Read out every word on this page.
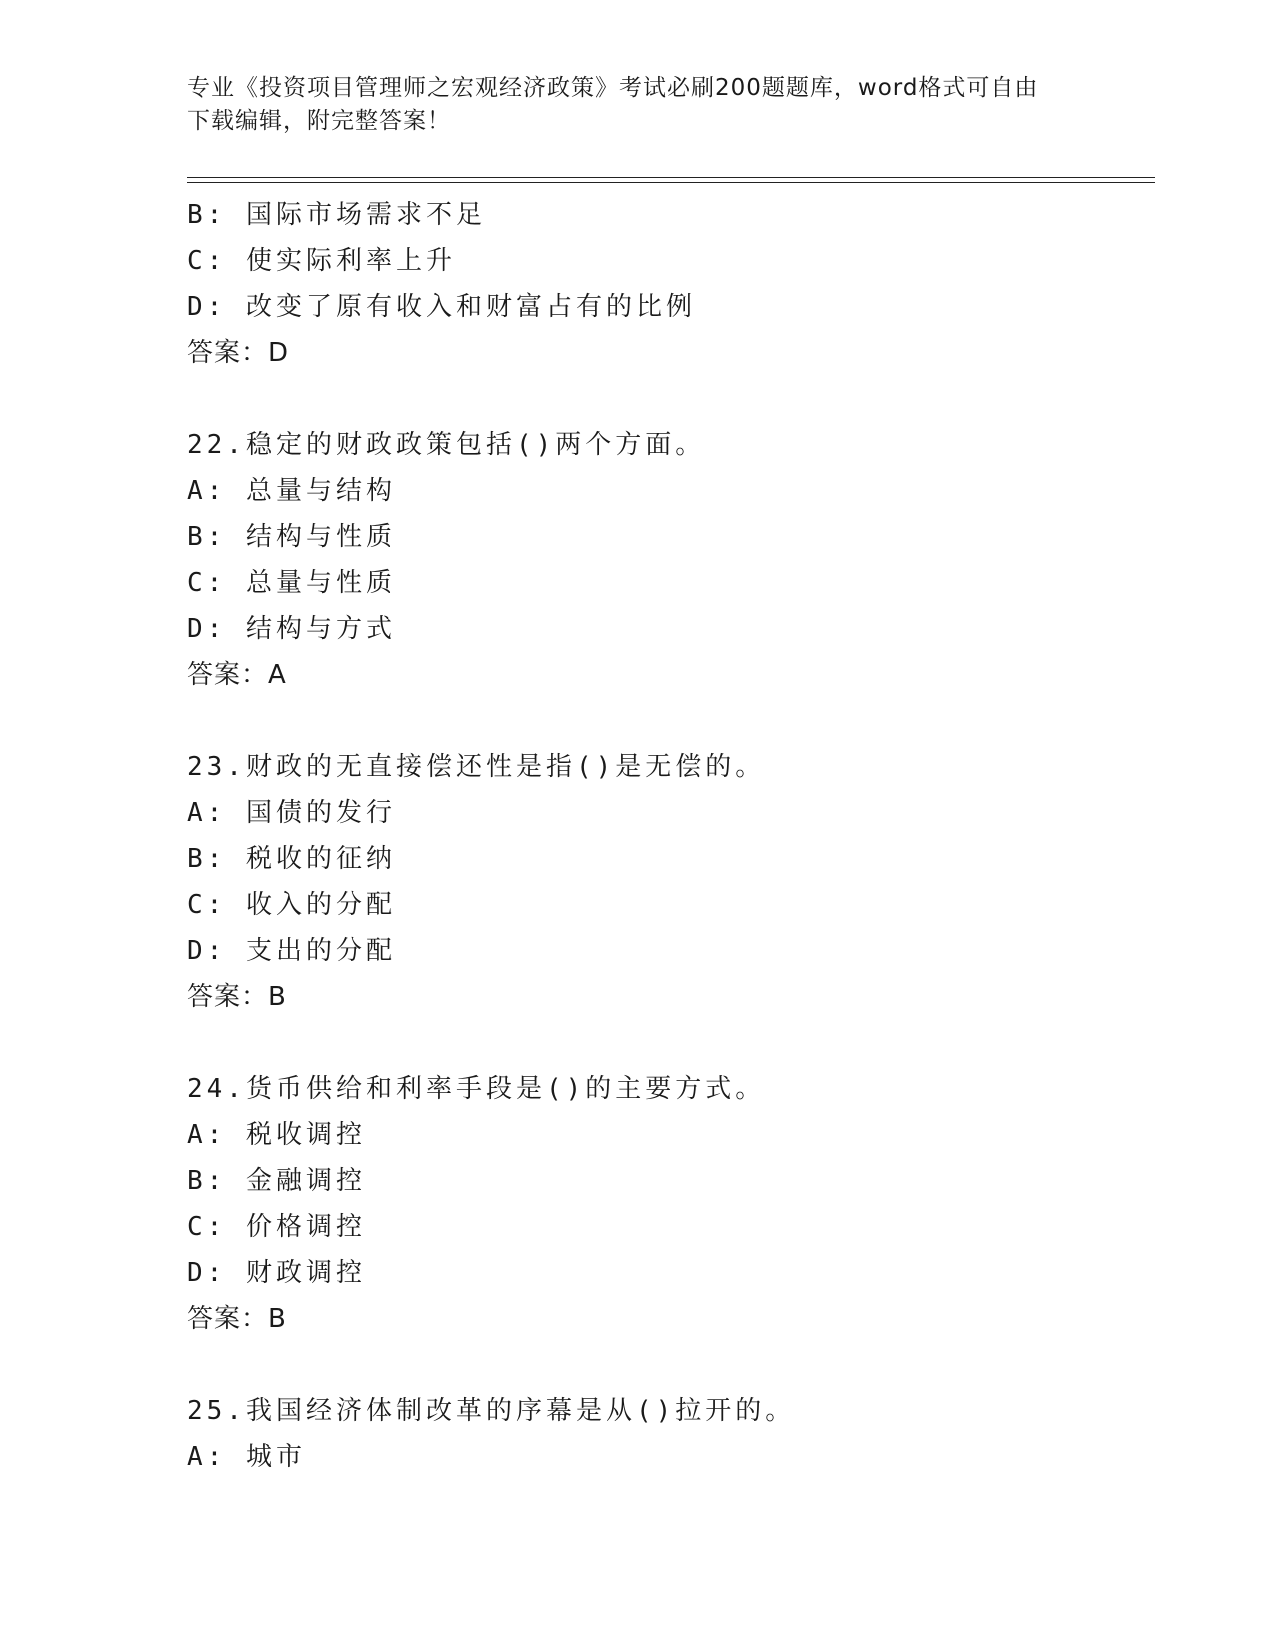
专业《投资项目管理师之宏观经济政策》考试必刷200题题库，word格式可自由
下载编辑，附完整答案！
B: 国际市场需求不足
C: 使实际利率上升
D: 改变了原有收入和财富占有的比例
答案：D
22.稳定的财政政策包括()两个方面。
A: 总量与结构
B: 结构与性质
C: 总量与性质
D: 结构与方式
答案：A
23.财政的无直接偿还性是指()是无偿的。
A: 国债的发行
B: 税收的征纳
C: 收入的分配
D: 支出的分配
答案：B
24.货币供给和利率手段是()的主要方式。
A: 税收调控
B: 金融调控
C: 价格调控
D: 财政调控
答案：B
25.我国经济体制改革的序幕是从()拉开的。
A: 城市
